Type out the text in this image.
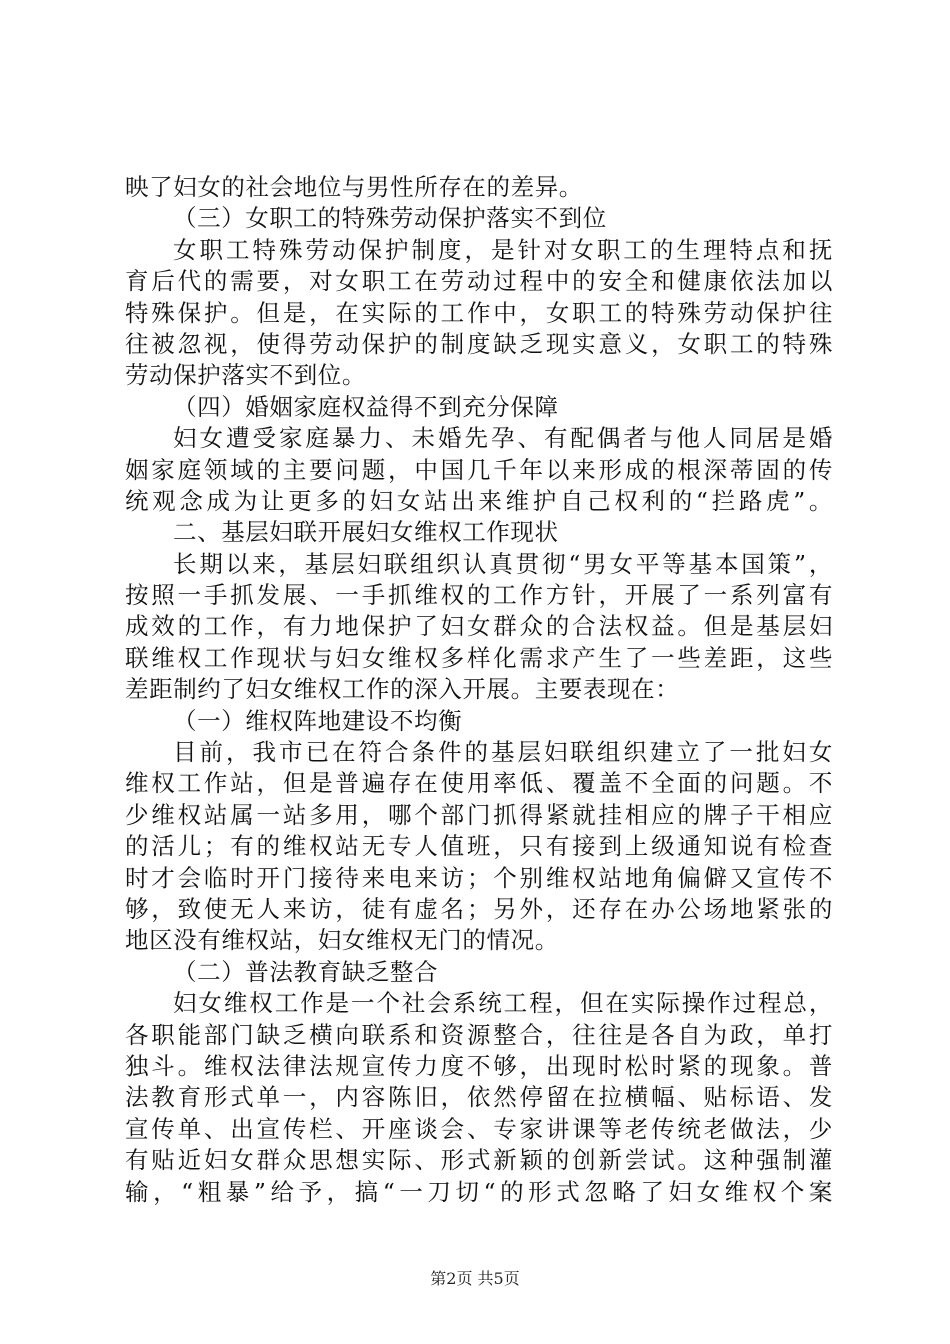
映了妇女的社会地位与男性所存在的差异。
（三）女职工的特殊劳动保护落实不到位
女职工特殊劳动保护制度，是针对女职工的生理特点和抚
育后代的需要，对女职工在劳动过程中的安全和健康依法加以
特殊保护。但是，在实际的工作中，女职工的特殊劳动保护往
往被忽视，使得劳动保护的制度缺乏现实意义，女职工的特殊
劳动保护落实不到位。
（四）婚姻家庭权益得不到充分保障
妇女遭受家庭暴力、未婚先孕、有配偶者与他人同居是婚
姻家庭领域的主要问题，中国几千年以来形成的根深蒂固的传
统观念成为让更多的妇女站出来维护自己权利的“拦路虎”。
二、基层妇联开展妇女维权工作现状
长期以来，基层妇联组织认真贯彻“男女平等基本国策”，
按照一手抓发展、一手抓维权的工作方针，开展了一系列富有
成效的工作，有力地保护了妇女群众的合法权益。但是基层妇
联维权工作现状与妇女维权多样化需求产生了一些差距，这些
差距制约了妇女维权工作的深入开展。主要表现在：
（一）维权阵地建设不均衡
目前，我市已在符合条件的基层妇联组织建立了一批妇女
维权工作站，但是普遍存在使用率低、覆盖不全面的问题。不
少维权站属一站多用，哪个部门抓得紧就挂相应的牌子干相应
的活儿；有的维权站无专人值班，只有接到上级通知说有检查
时才会临时开门接待来电来访；个别维权站地角偏僻又宣传不
够，致使无人来访，徒有虚名；另外，还存在办公场地紧张的
地区没有维权站，妇女维权无门的情况。
（二）普法教育缺乏整合
妇女维权工作是一个社会系统工程，但在实际操作过程总，
各职能部门缺乏横向联系和资源整合，往往是各自为政，单打
独斗。维权法律法规宣传力度不够，出现时松时紧的现象。普
法教育形式单一，内容陈旧，依然停留在拉横幅、贴标语、发
宣传单、出宣传栏、开座谈会、专家讲课等老传统老做法，少
有贴近妇女群众思想实际、形式新颖的创新尝试。这种强制灌
输，“粗暴”给予，搞“一刀切“的形式忽略了妇女维权个案
第2页 共5页
